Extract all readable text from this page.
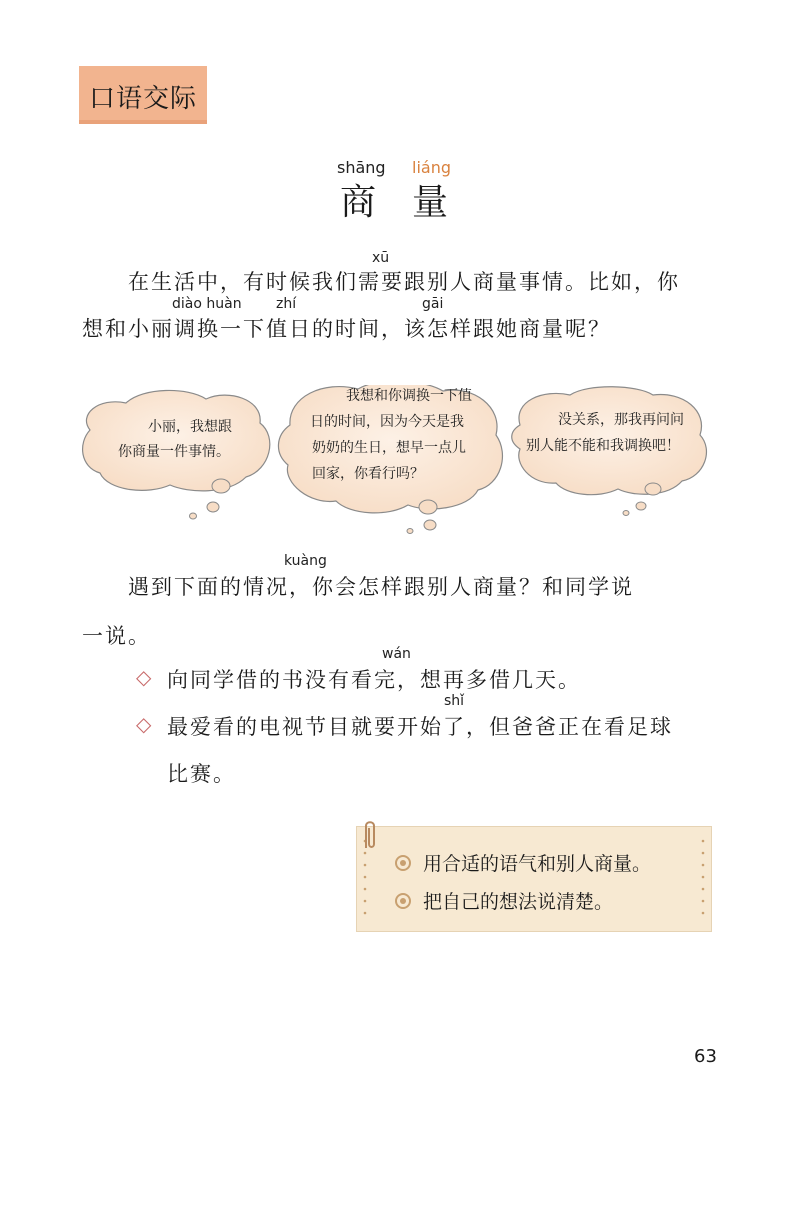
口语交际
shāng liáng
商 量
xū
在生活中，有时候我们需要跟别人商量事情。比如，你
diào huàn zhí	gāi
想和小丽调换一下值日的时间，该怎样跟她商量呢？
小丽，我想跟
你商量一件事情。
我想和你调换一下值
日的时间，因为今天是我
奶奶的生日，想早一点儿
回家，你看行吗？
没关系，那我再问问
别人能不能和我调换吧！
kuàng
遇到下面的情况，你会怎样跟别人商量？和同学说
一说。
◇
wán
向同学借的书没有看完，想再多借几天。
◇
shǐ
最爱看的电视节目就要开始了，但爸爸正在看足球
比赛。
用合适的语气和别人商量。
把自己的想法说清楚。
63
